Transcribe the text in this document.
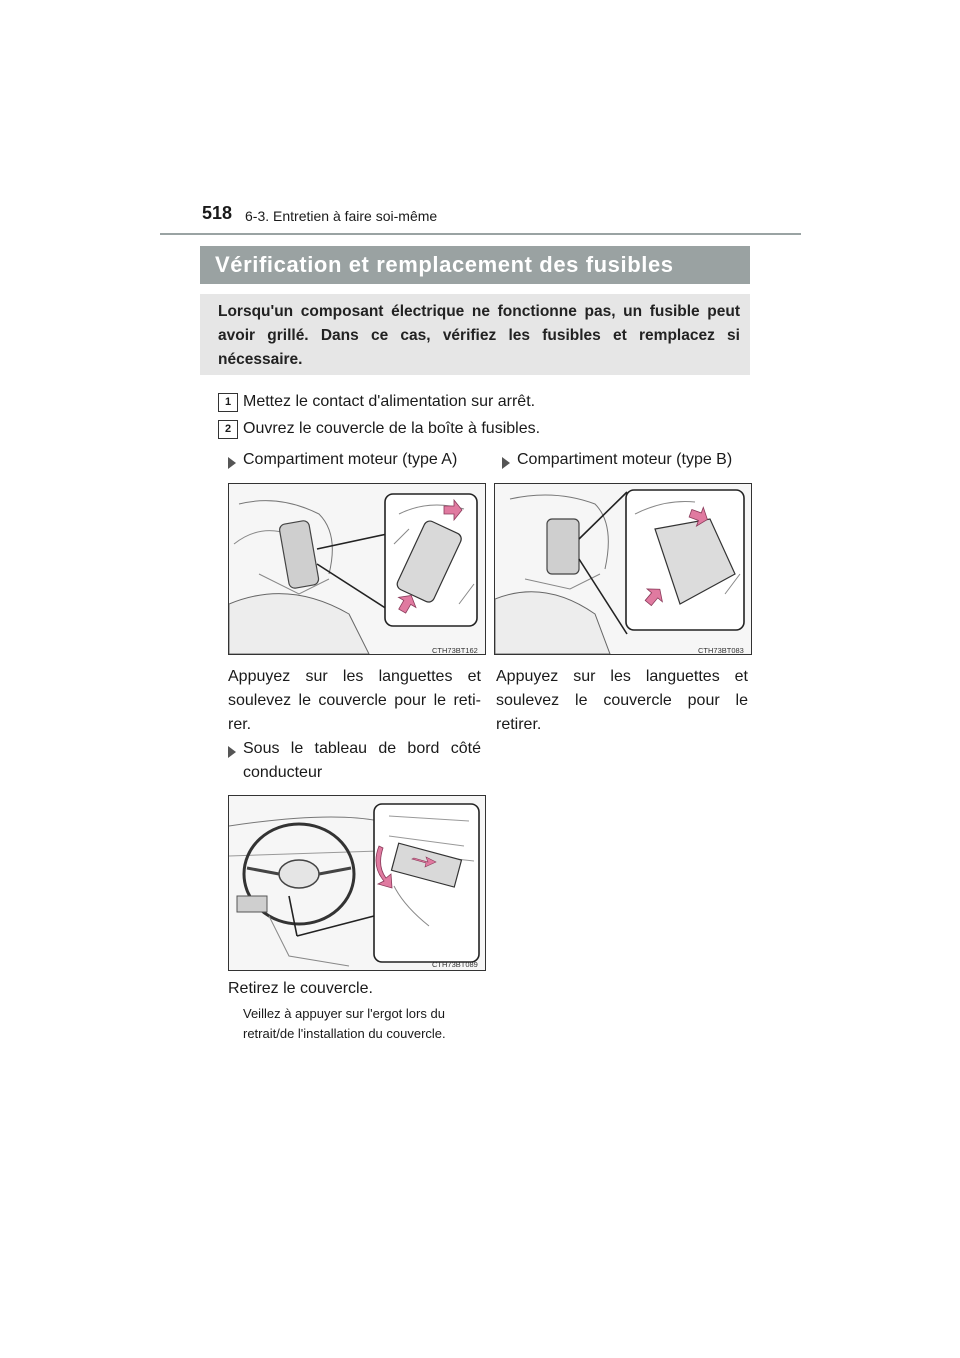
518 6-3. Entretien à faire soi-même
Vérification et remplacement des fusibles
Lorsqu'un composant électrique ne fonctionne pas, un fusible peut avoir grillé. Dans ce cas, vérifiez les fusibles et remplacez si nécessaire.
1 Mettez le contact d'alimentation sur arrêt.
2 Ouvrez le couvercle de la boîte à fusibles.
Compartiment moteur (type A)
CTH73BT162
Appuyez sur les languettes et soulevez le couvercle pour le reti-rer.
Sous le tableau de bord côté
conducteur
CTH73BT089
Retirez le couvercle.
Veillez à appuyer sur l'ergot lors du
retrait/de l'installation du couvercle.
Compartiment moteur (type B)
CTH73BT083
Appuyez sur les languettes et
soulevez le couvercle pour le
retirer.
